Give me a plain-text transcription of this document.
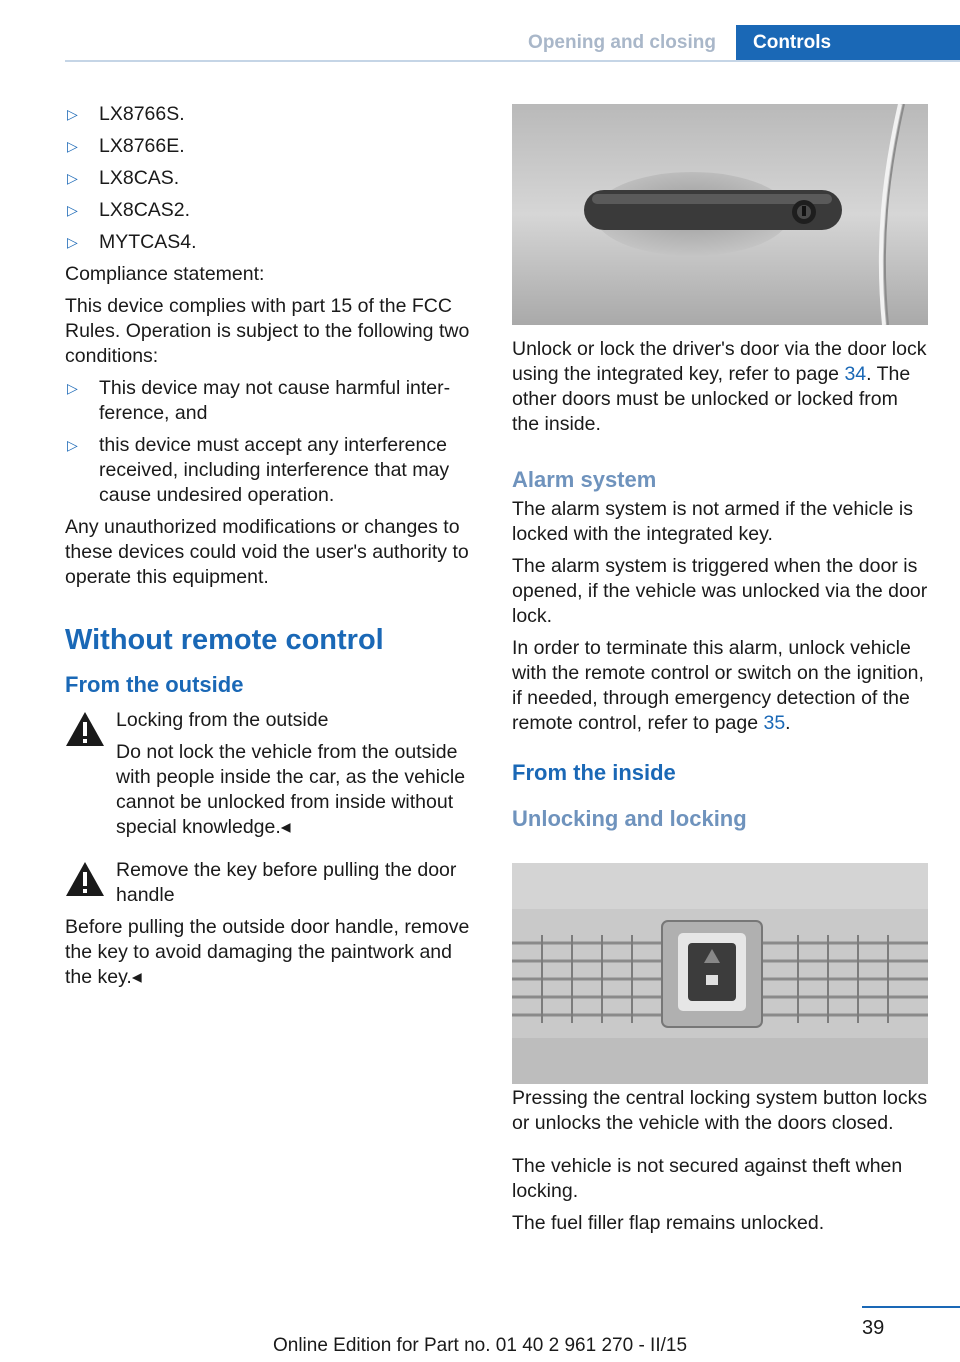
Opening and closing	Controls
▷ LX8766S.
▷ LX8766E.
▷ LX8CAS.
▷ LX8CAS2.
▷ MYTCAS4.

Compliance statement:

This device complies with part 15 of the FCC Rules. Operation is subject to the following two conditions:

▷ This device may not cause harmful interference, and
▷ this device must accept any interference received, including interference that may cause undesired operation.

Any unauthorized modifications or changes to these devices could void the user's authority to operate this equipment.

Without remote control
From the outside

Locking from the outside

Do not lock the vehicle from the outside with people inside the car, as the vehicle cannot be unlocked from inside without special knowledge.◂

Remove the key before pulling the door handle

Before pulling the outside door handle, remove the key to avoid damaging the paintwork and the key.◂

Unlock or lock the driver's door via the door lock using the integrated key, refer to page 34. The other doors must be unlocked or locked from the inside.

Alarm system

The alarm system is not armed if the vehicle is locked with the integrated key.

The alarm system is triggered when the door is opened, if the vehicle was unlocked via the door lock.

In order to terminate this alarm, unlock vehicle with the remote control or switch on the ignition, if needed, through emergency detection of the remote control, refer to page 35.

From the inside
Unlocking and locking

Pressing the central locking system button locks or unlocks the vehicle with the doors closed.

The vehicle is not secured against theft when locking.

The fuel filler flap remains unlocked.

39
Online Edition for Part no. 01 40 2 961 270 - II/15
